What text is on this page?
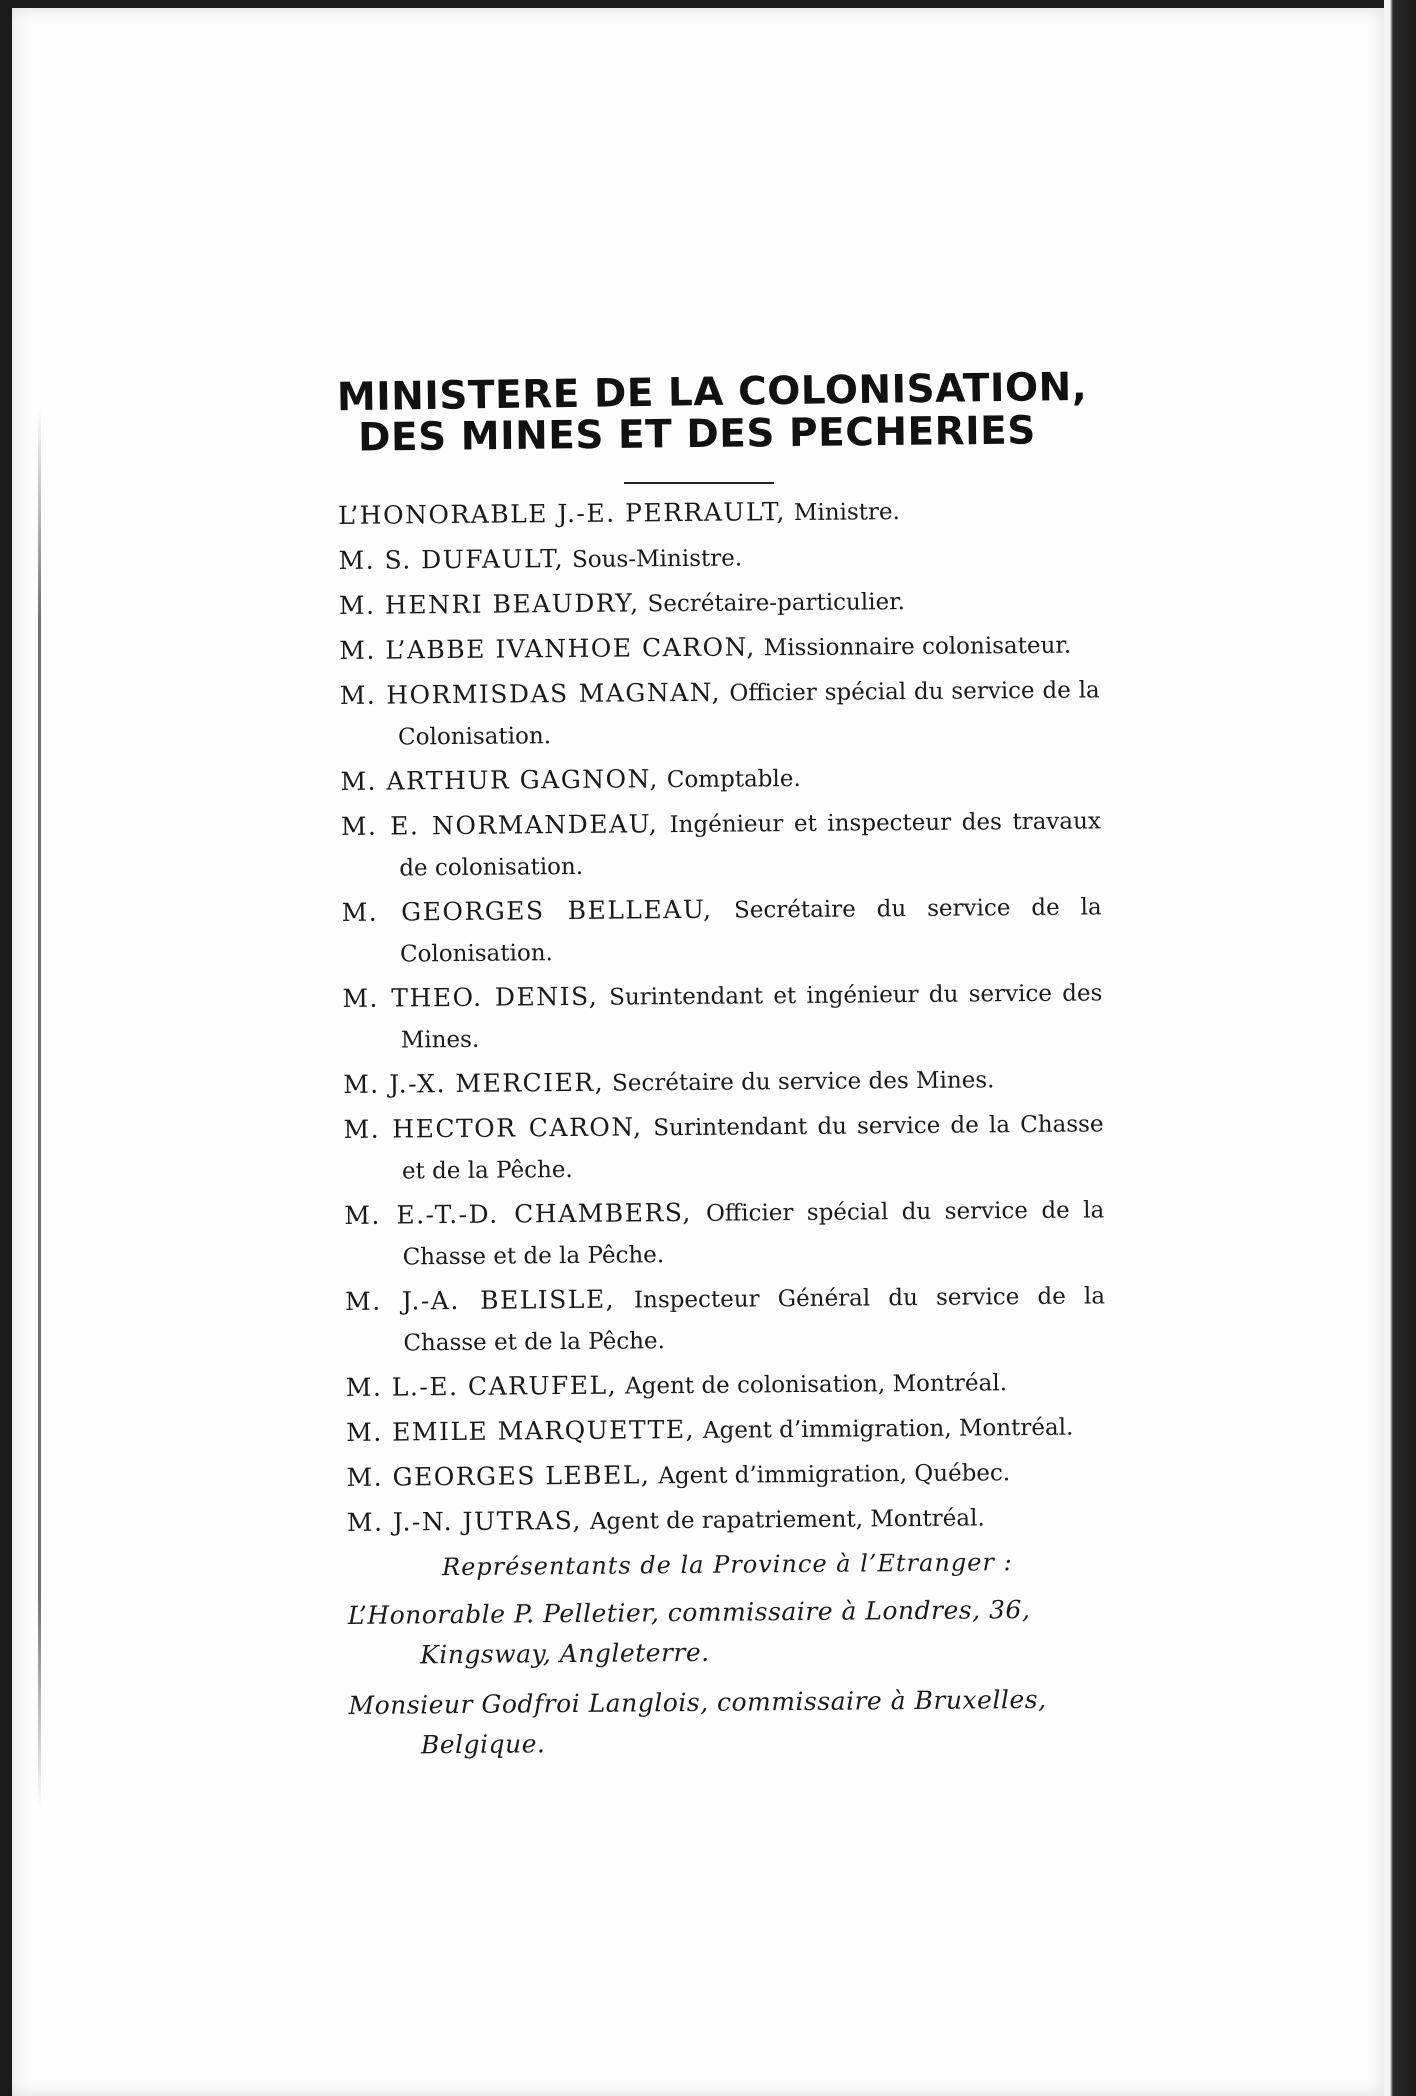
MINISTERE DE LA COLONISATION,
DES MINES ET DES PECHERIES

L’HONORABLE J.-E. PERRAULT, Ministre.

M. S. DUFAULT, Sous-Ministre.

M. HENRI BEAUDRY, Secrétaire-particulier.

M. L’ABBE IVANHOE CARON, Missionnaire colonisateur.

M. HORMISDAS MAGNAN, Officier spécial du service de la Colonisation.

M. ARTHUR GAGNON, Comptable.

M. E. NORMANDEAU, Ingénieur et inspecteur des travaux de colonisation.

M. GEORGES BELLEAU, Secrétaire du service de la Colonisation.

M. THEO. DENIS, Surintendant et ingénieur du service des Mines.

M. J.-X. MERCIER, Secrétaire du service des Mines.

M. HECTOR CARON, Surintendant du service de la Chasse et de la Pêche.

M. E.-T.-D. CHAMBERS, Officier spécial du service de la Chasse et de la Pêche.

M. J.-A. BELISLE, Inspecteur Général du service de la Chasse et de la Pêche.

M. L.-E. CARUFEL, Agent de colonisation, Montréal.

M. EMILE MARQUETTE, Agent d’immigration, Montréal.

M. GEORGES LEBEL, Agent d’immigration, Québec.

M. J.-N. JUTRAS, Agent de rapatriement, Montréal.

Représentants de la Province à l’Etranger :

L’Honorable P. Pelletier, commissaire à Londres, 36, Kingsway, Angleterre.

Monsieur Godfroi Langlois, commissaire à Bruxelles, Belgique.
